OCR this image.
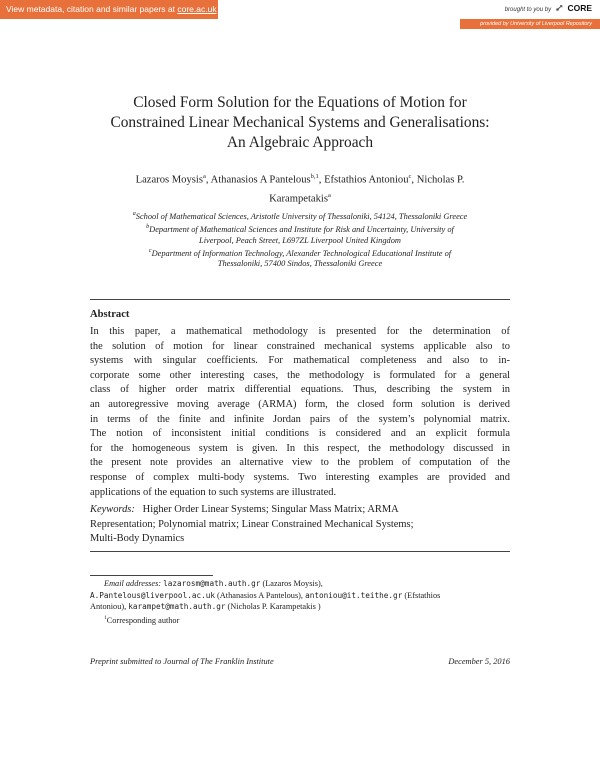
View metadata, citation and similar papers at core.ac.uk	brought to you by CORE
provided by University of Liverpool Repository
Closed Form Solution for the Equations of Motion for
Constrained Linear Mechanical Systems and Generalisations:
An Algebraic Approach
Lazaros Moysis$^a$, Athanasios A Pantelous$^{b,1}$, Efstathios Antoniou$^c$, Nicholas P.
Karampetakis$^a$
$^a$School of Mathematical Sciences, Aristotle University of Thessaloniki, 54124, Thessaloniki Greece
$^b$Department of Mathematical Sciences and Institute for Risk and Uncertainty, University of
Liverpool, Peach Street, L697ZL Liverpool United Kingdom
$^c$Department of Information Technology, Alexander Technological Educational Institute of
Thessaloniki, 57400 Sindos, Thessaloniki Greece
Abstract
In this paper, a mathematical methodology is presented for the determination of
the solution of motion for linear constrained mechanical systems applicable also to
systems with singular coefficients. For mathematical completeness and also to in-
corporate some other interesting cases, the methodology is formulated for a general
class of higher order matrix differential equations. Thus, describing the system in
an autoregressive moving average (ARMA) form, the closed form solution is derived
in terms of the finite and infinite Jordan pairs of the system’s polynomial matrix.
The notion of inconsistent initial conditions is considered and an explicit formula
for the homogeneous system is given. In this respect, the methodology discussed in
the present note provides an alternative view to the problem of computation of the
response of complex multi-body systems. Two interesting examples are provided and
applications of the equation to such systems are illustrated.
Keywords: Higher Order Linear Systems; Singular Mass Matrix; ARMA
Representation; Polynomial matrix; Linear Constrained Mechanical Systems;
Multi-Body Dynamics
Email addresses: lazarosm@math.auth.gr (Lazaros Moysis),
A.Pantelous@liverpool.ac.uk (Athanasios A Pantelous), antoniou@it.teithe.gr (Efstathios
Antoniou), karampet@math.auth.gr (Nicholas P. Karampetakis )
$^1$Corresponding author
Preprint submitted to Journal of The Franklin Institute	December 5, 2016
